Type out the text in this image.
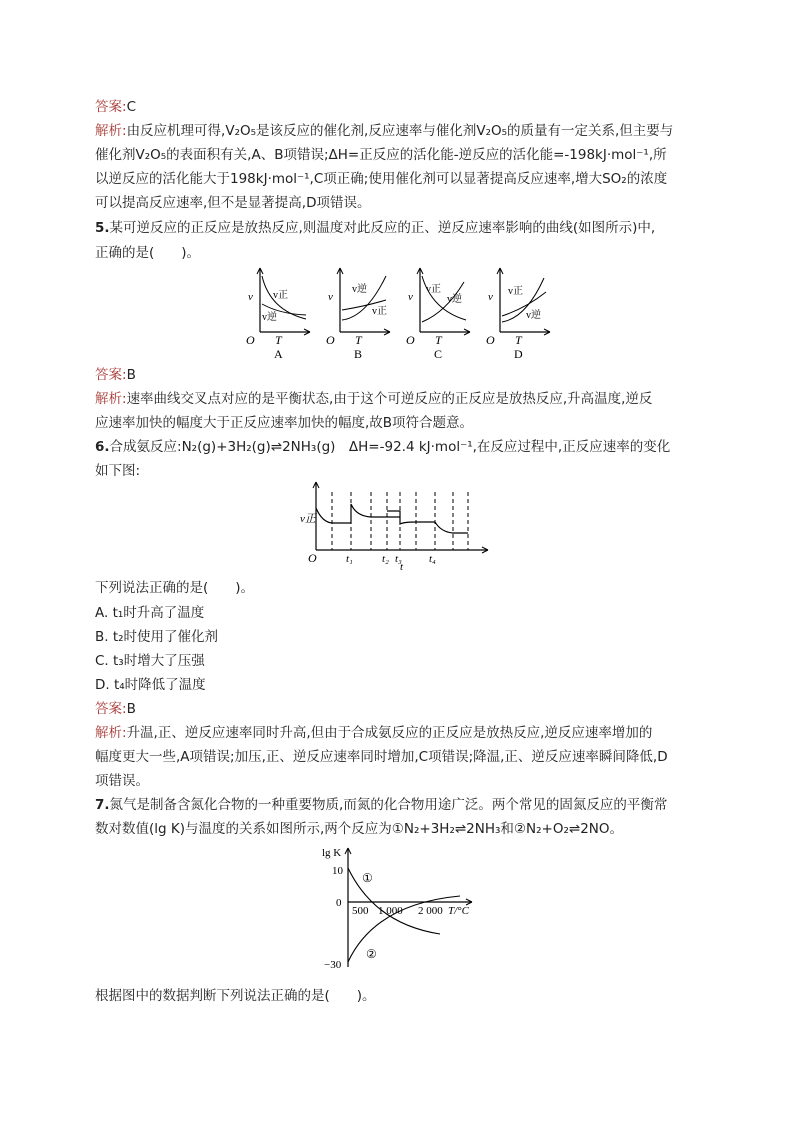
答案:C
解析:由反应机理可得,V₂O₅是该反应的催化剂,反应速率与催化剂V₂O₅的质量有一定关系,但主要与
催化剂V₂O₅的表面积有关,A、B项错误;ΔH=正反应的活化能-逆反应的活化能=-198kJ·mol⁻¹,所
以逆反应的活化能大于198kJ·mol⁻¹,C项正确;使用催化剂可以显著提高反应速率,增大SO₂的浓度
可以提高反应速率,但不是显著提高,D项错误。
5.某可逆反应的正反应是放热反应,则温度对此反应的正、逆反应速率影响的曲线(如图所示)中,
正确的是(　　)。
v v正
v逆
O T
A
v
v逆
v正
O T
B
v
v正
v逆
O T
C
v v正
v逆
O T
D
答案:B
解析:速率曲线交叉点对应的是平衡状态,由于这个可逆反应的正反应是放热反应,升高温度,逆反
应速率加快的幅度大于正反应速率加快的幅度,故B项符合题意。
6.合成氨反应:N₂(g)+3H₂(g)⇌2NH₃(g)　ΔH=-92.4 kJ·mol⁻¹,在反应过程中,正反应速率的变化
如下图:
v正
O	t₁	t₂ t₃ t₄
t
下列说法正确的是(　　)。
A. t₁时升高了温度
B. t₂时使用了催化剂
C. t₃时增大了压强
D. t₄时降低了温度
答案:B
解析:升温,正、逆反应速率同时升高,但由于合成氨反应的正反应是放热反应,逆反应速率增加的
幅度更大一些,A项错误;加压,正、逆反应速率同时增加,C项错误;降温,正、逆反应速率瞬间降低,D
项错误。
7.氮气是制备含氮化合物的一种重要物质,而氮的化合物用途广泛。两个常见的固氮反应的平衡常
数对数值(lg K)与温度的关系如图所示,两个反应为①N₂+3H₂⇌2NH₃和②N₂+O₂⇌2NO。
lg K
10
0
−30
500 1 000 2 000 T/°C
①
②
根据图中的数据判断下列说法正确的是(　　)。
